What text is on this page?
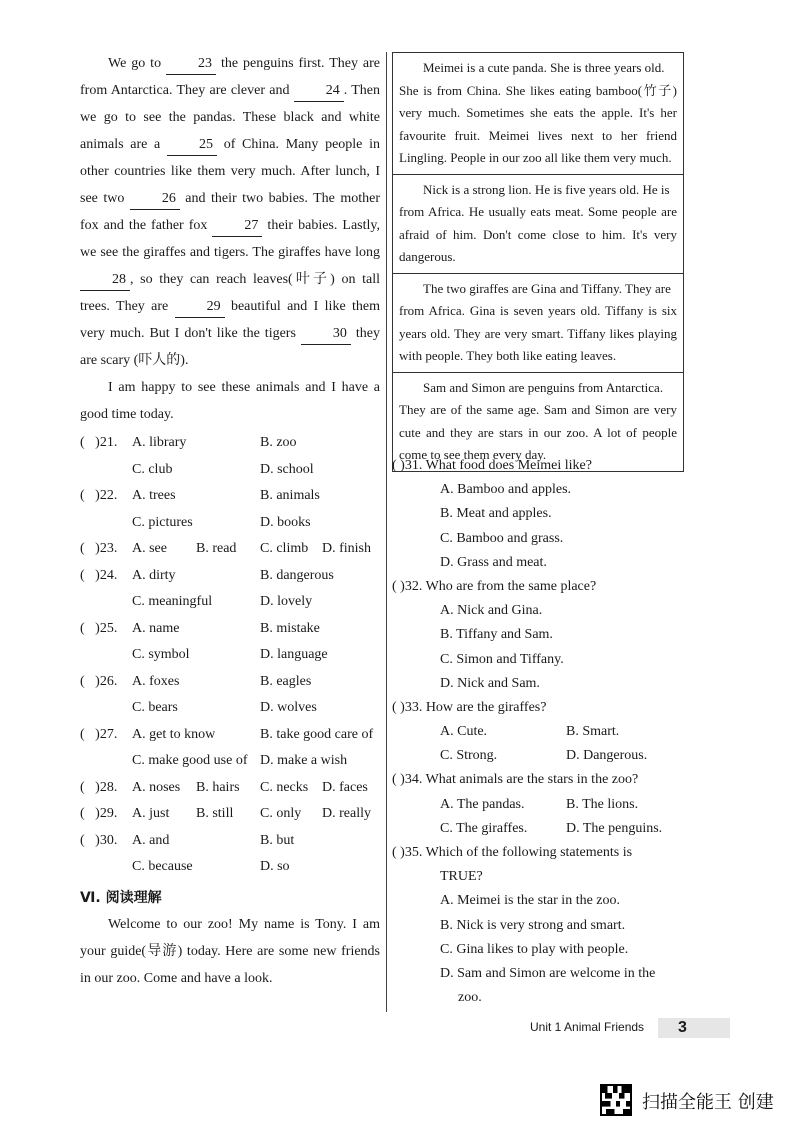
We go to 23 the penguins first. They are from Antarctica. They are clever and 24 . Then we go to see the pandas. These black and white animals are a 25 of China. Many people in other countries like them very much. After lunch, I see two 26 and their two babies. The mother fox and the father fox 27 their babies. Lastly, we see the giraffes and tigers. The giraffes have long 28 , so they can reach leaves(叶子) on tall trees. They are 29 beautiful and I like them very much. But I don't like the tigers 30 they are scary (吓人的).

I am happy to see these animals and I have a good time today.

( )21. A. library	B. zoo
C. club	D. school
( )22. A. trees	B. animals
C. pictures	D. books
( )23. A. see B. read C. climb D. finish
( )24. A. dirty	B. dangerous
C. meaningful	D. lovely
( )25. A. name	B. mistake
C. symbol	D. language
( )26. A. foxes	B. eagles
C. bears	D. wolves
( )27. A. get to know	B. take good care of
C. make good use of D. make a wish
( )28. A. noses B. hairs C. necks D. faces
( )29. A. just B. still C. only D. really
( )30. A. and	B. but
C. because	D. so
Ⅵ. 阅读理解

Welcome to our zoo! My name is Tony. I am your guide(导游) today. Here are some new friends in our zoo. Come and have a look.

Meimei is a cute panda. She is three years old.
She is from China. She likes eating bamboo(竹子) very much. Sometimes she eats the apple. It's her favourite fruit. Meimei lives next to her friend Lingling. People in our zoo all like them very much.
Nick is a strong lion. He is five years old. He is
from Africa. He usually eats meat. Some people are afraid of him. Don't come close to him. It's very dangerous.
The two giraffes are Gina and Tiffany. They are
from Africa. Gina is seven years old. Tiffany is six years old. They are very smart. Tiffany likes playing with people. They both like eating leaves.
Sam and Simon are penguins from Antarctica.
They are of the same age. Sam and Simon are very cute and they are stars in our zoo. A lot of people come to see them every day.
( )31. What food does Meimei like?
A. Bamboo and apples.
B. Meat and apples.
C. Bamboo and grass.
D. Grass and meat.
( )32. Who are from the same place?
A. Nick and Gina.
B. Tiffany and Sam.
C. Simon and Tiffany.
D. Nick and Sam.
( )33. How are the giraffes?
A. Cute.	B. Smart.
C. Strong.	D. Dangerous.
( )34. What animals are the stars in the zoo?
A. The pandas.	B. The lions.
C. The giraffes.	D. The penguins.
( )35. Which of the following statements is
TRUE?
A. Meimei is the star in the zoo.
B. Nick is very strong and smart.
C. Gina likes to play with people.
D. Sam and Simon are welcome in the
zoo.
Unit 1 Animal Friends 3
扫描全能王 创建
